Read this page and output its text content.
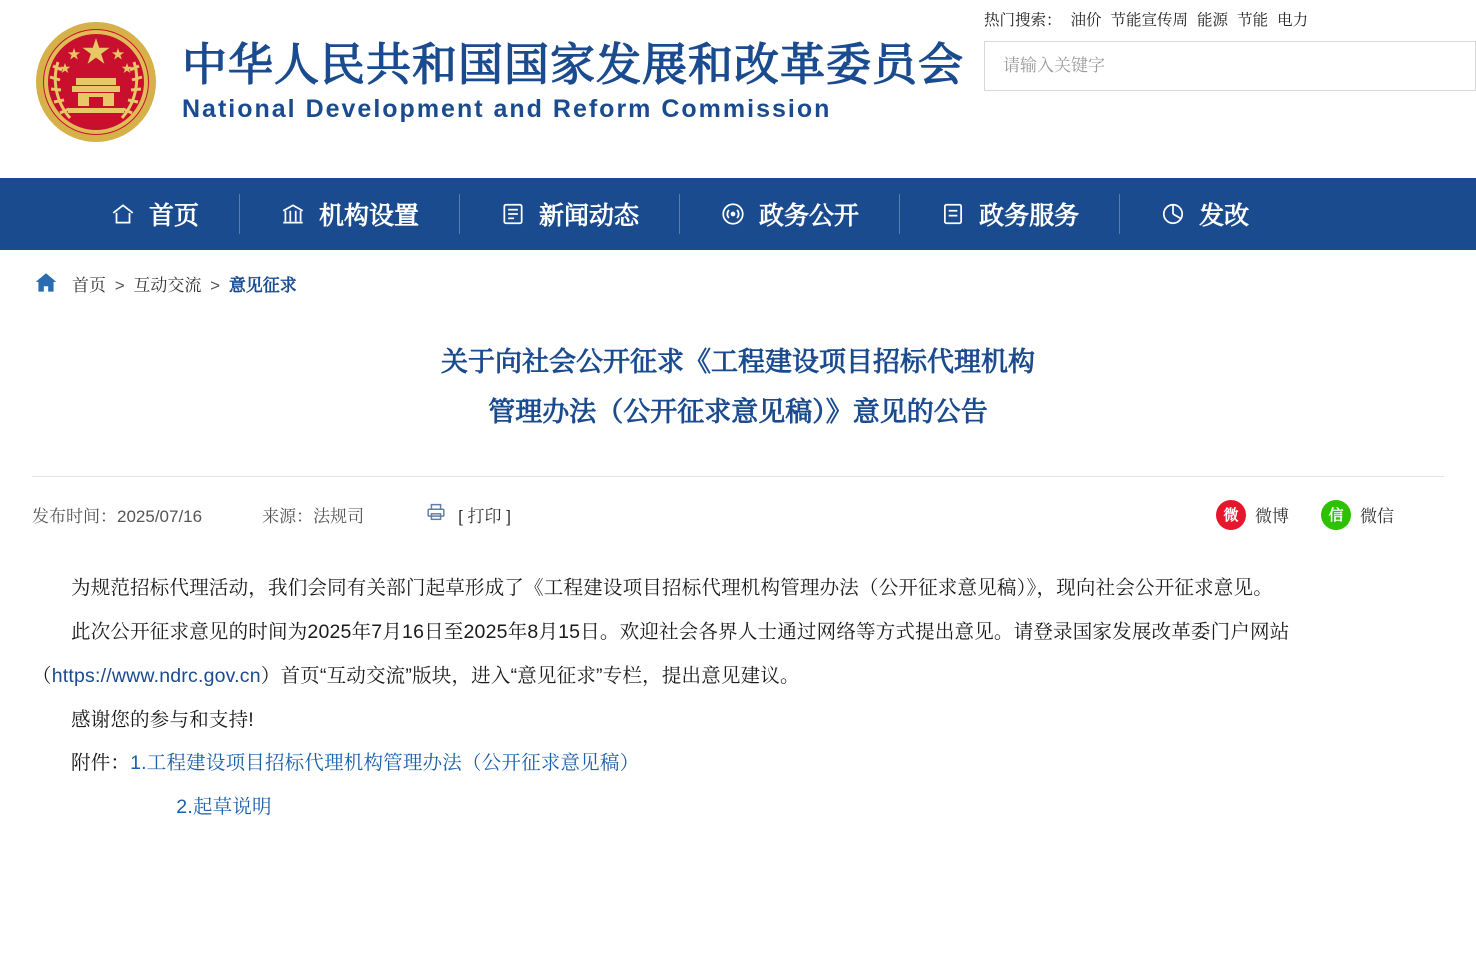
中华人民共和国国家发展和改革委员会
National Development and Reform Commission
热门搜索： 油价 节能宣传周 能源 节能 电力
请输入关键字
首页	机构设置	新闻动态	政务公开	政务服务	发改
首页 > 互动交流 > 意见征求
关于向社会公开征求《工程建设项目招标代理机构
管理办法（公开征求意见稿）》意见的公告
发布时间：2025/07/16	来源：法规司	[ 打印 ]	微 微博	信 微信

为规范招标代理活动，我们会同有关部门起草形成了《工程建设项目招标代理机构管理办法（公开征求意见稿）》，现向社会公开征求意见。

此次公开征求意见的时间为2025年7月16日至2025年8月15日。欢迎社会各界人士通过网络等方式提出意见。请登录国家发展改革委门户网站（https://www.ndrc.gov.cn）首页“互动交流”版块，进入“意见征求”专栏，提出意见建议。

感谢您的参与和支持!

附件：1.工程建设项目招标代理机构管理办法（公开征求意见稿）

2.起草说明
